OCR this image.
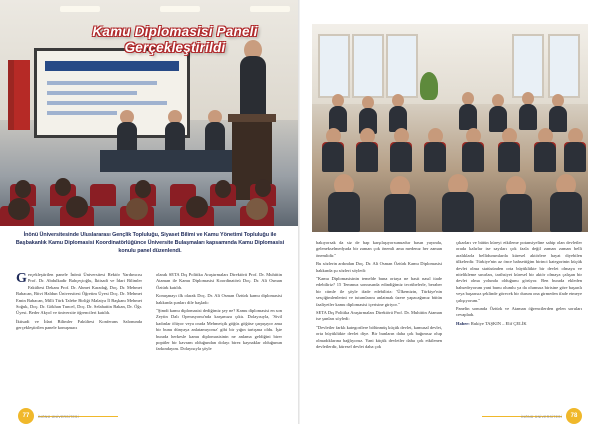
Kamu Diplomasisi Paneli
Gerçekleştirildi
İnönü Üniversitesinde Uluslararası Gençlik Topluluğu, Siyaset Bilimi ve Kamu Yönetimi Topluluğu ile Başbakanlık Kamu Diplomasisi Koordinatörlüğünce Üniversite Bulaşmaları kapsamında Kamu Diplomasisi konulu panel düzenlendi.

Gerçekleştirilen panele İnönü Üniversitesi Rektör Yardımcısı Prof. Dr. Abdulkadir Bahçeçioğlu, İktisadi ve İdari Bilimler Fakültesi Dekanı Prof. Dr. Ahmet Karadağ, Doç. Dr. Mehmet Babacan, Bitvi Haldun Üniversitesi Öğretim Üyesi Doç. Dr. Mehmet Emin Babacan, Milli Türk Talebe Birliği Malatya İl Başkanı Mehmet Soğuk, Doç. Dr. Gökhan Tuncel, Doç. Dr. Selahattin Bakan, Dr. Öğr. Üyesi. Beder Akyol ve üniversite öğrencileri katıldı.

İktisadi ve İdari Bilimler Fakültesi Konferans Salonunda gerçekleştirilen panele konuşmacı

olarak SETA Dış Politika Araştırmaları Direktörü Prof. Dr. Muhittin Ataman ile Kamu Diplomasisi Koordinatörü Doç. Dr. Ali Osman Öztürk katıldı.

Konuşmayı ilk olarak Doç. Dr. Ali Osman Öztürk kamu diplomasisi hakkında şunları dile başladı:

"Şimdi kamu diplomasisi dediğimiz şey ne? Kamu diplomasisi en son Zeytin Dalı Operasyonu'nda karşımıza çıktı. Dolayısıyla, 'Sivil kadınlar ölüyor veya orada Mehmetçik göğüs göğüse çarpışıyor ama bir bunu dünyaya anlatamıyoruz' gibi bir yığın tartışma oldu. İşte burada herkesle kamu diplomasisinin ne anlama geldiğini birer popüler bir kavram olduğundan dolayı birez kaynaklar olduğunun farkındayım. Dolayısıyla şöyle

77	İNÖNÜ ÜNİVERSİTESİ

bakıyorsak da siz de bap karşılaşıyorsunuzdur basın yayında, gelenekselmedyada bir zaman çok önemli ama medenız her zaman önemlidir."

Bu sözlerin ardından Doç. Dr. Ali Osman Öztürk Kamu Diplomasisi hakkında şu sözleri söyledi:

"Kamu Diplomasisinin temelde buna ortaya ne basit nasıl itade edebiliriz? 15 Temmuz sonrasında edindiğimiz tecrübelerle, beraber bir cümle ile şöyle ifade edebiliriz: 'Ülkemizin, Türkiye'nin sesçiğimlenlerini ve tutumlarını anlatmak üzere yapacağımız bütün faaliyetler kamu diplomasisi içerisine giriyor."

SETA Dış Politika Araştırmaları Direktörü Prof. Dr. Muhittin Ataman ise şunları söyledi:

"Devletler farklı kategorilere bölünmüş küçük devlet, kamusal devlet, orta büyüklükte devlet diye. Bir bunların daha çok bağımsız olup olmadıklarına bağlıyoruz. Yani küçük devletler daha çok etkilenen devletlerdir, küresel devlet daha çok

çıkarları ve bütün küreyi etkileme potansiyeline sahip olan devletler orada kalırlar ise sayıları çok fazla değil zaman zaman belli aralıklarla bellidurumlarda küresel aktörlere hayat diyebilen ülkelerdir. Türkiye'nin az önce bahsettiğim birinci kategorinin küçük devlet olma statüsünden orta büyüklükte bir devlet olmaya ve nitelikleme sınırları, tarihsiyet küresel bir aktör olmaya çalışan bir devlet olma yolunda olduğunu görüyor. Ben burada ekleden bahsedeyorum yani bunu olumlu ya da olumsuz birisine göre başarılı veya başarısız şeklinde görecek bir durum ona girmeden ifade etmeye çalışıyorum."

Panelin sonunda Öztürk ve Ataman öğrencilerden gelen soruları cevapladı.

Haber: Rukiye TAŞKIN – Elif ÇELİK

78
İNÖNÜ ÜNİVERSİTESİ
